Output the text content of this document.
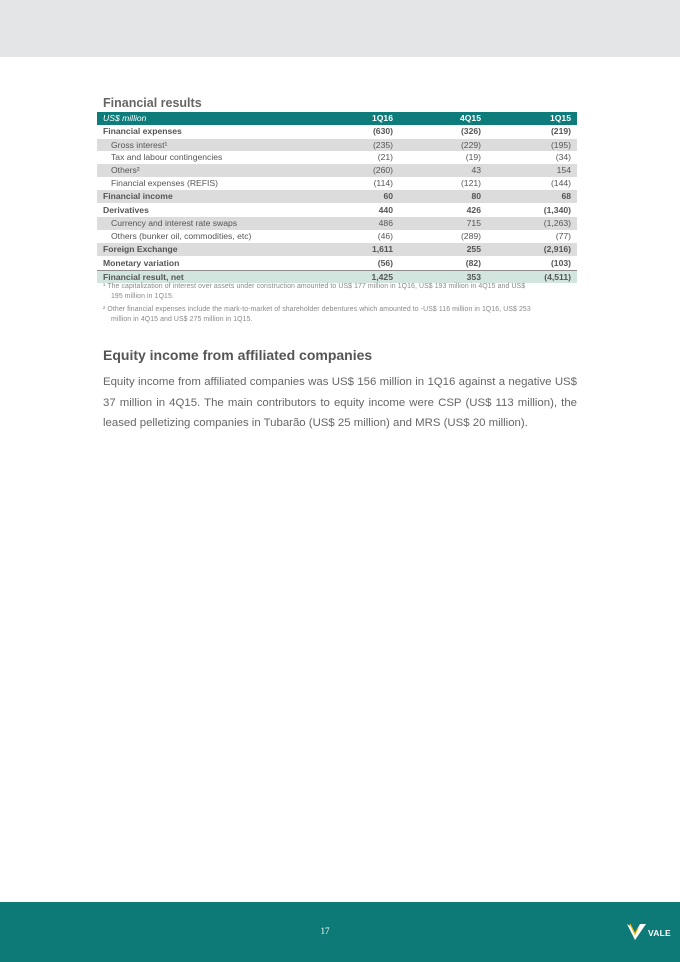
Financial results
US$ million	1Q16	4Q15	1Q15
Financial expenses	(630)	(326)	(219)
Gross interest¹	(235)	(229)	(195)
Tax and labour contingencies	(21)	(19)	(34)
Others²	(260)	43	154
Financial expenses (REFIS)	(114)	(121)	(144)
Financial income	60	80	68
Derivatives	440	426	(1,340)
Currency and interest rate swaps	486	715	(1,263)
Others (bunker oil, commodities, etc)	(46)	(289)	(77)
Foreign Exchange	1,611	255	(2,916)
Monetary variation	(56)	(82)	(103)
Financial result, net	1,425	353	(4,511)
¹ The capitalization of interest over assets under construction amounted to US$ 177 million in 1Q16, US$ 193 million in 4Q15 and US$
195 million in 1Q15.
² Other financial expenses include the mark-to-market of shareholder debentures which amounted to -US$ 116 million in 1Q16, US$ 253
million in 4Q15 and US$ 275 million in 1Q15.
Equity income from affiliated companies
Equity income from affiliated companies was US$ 156 million in 1Q16 against a negative US$ 37 million in 4Q15. The main contributors to equity income were CSP (US$ 113 million), the leased pelletizing companies in Tubarão (US$ 25 million) and MRS (US$ 20 million).
17	VALE
